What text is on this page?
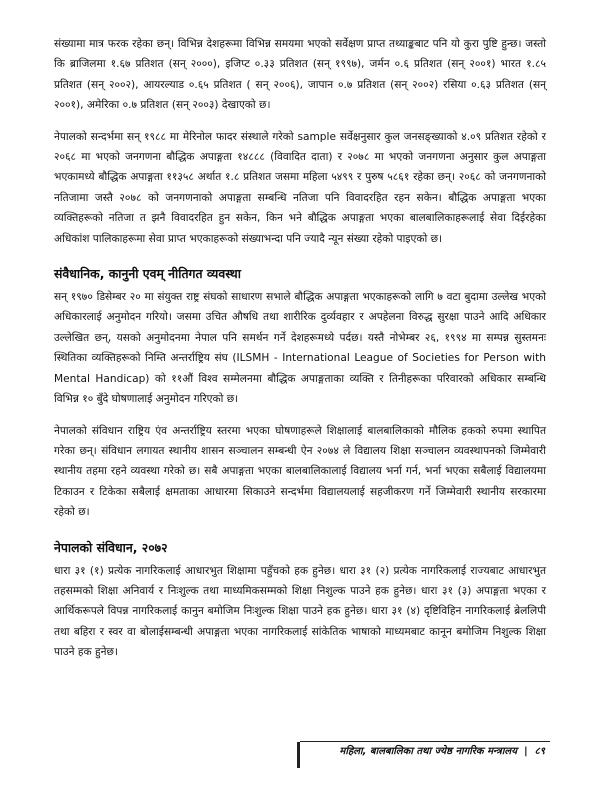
संख्यामा मात्र फरक रहेका छन्। विभिन्न देशहरूमा विभिन्न समयमा भएको सर्वेक्षण प्राप्त तथ्याङ्कबाट पनि यो कुरा पुष्टि हुन्छ। जस्तो कि ब्राजिलमा १.६७ प्रतिशत (सन् २०००), इजिप्ट ०.३३ प्रतिशत (सन् १९९७), जर्मन ०.६ प्रतिशत (सन् २००१) भारत १.८५ प्रतिशत (सन् २००२), आयरल्याड ०.६५ प्रतिशत ( सन् २००६), जापान ०.७ प्रतिशत (सन् २००२) रसिया ०.६३ प्रतिशत (सन् २००१), अमेरिका ०.७ प्रतिशत (सन् २००३) देखाएको छ।

नेपालको सन्दर्भमा सन् १९८८ मा मेरिनोल फादर संस्थाले गरेको sample सर्वेक्षनुसार कुल जनसङ्ख्याको ४.०९ प्रतिशत रहेको र २०६८ मा भएको जनगणना बौद्धिक अपाङ्गता १४८८८ (विवादित दाता) र २०७८ मा भएको जनगणना अनुसार कुल अपाङ्गता भएकामध्ये बौद्धिक अपाङ्गता ११३५८ अर्थात १.८ प्रतिशत जसमा महिला ५४९९ र पुरुष ५८६१ रहेका छन्। २०६८ को जनगणनाको नतिजामा जस्तै २०७८ को जनगणनाको अपाङ्गता सम्बन्धि नतिजा पनि विवादरहित रहन सकेन। बौद्धिक अपाङ्गता भएका व्यक्तिहरूको नतिजा त झनै विवादरहित हुन सकेन, किन भने बौद्धिक अपाङ्गता भएका बालबालिकाहरूलाई सेवा दिईरहेका अधिकांश पालिकाहरूमा सेवा प्राप्त भएकाहरूको संख्याभन्दा पनि ज्यादै न्यून संख्या रहेको पाइएको छ।

संवैधानिक, कानुनी एवम् नीतिगत व्यवस्था

सन् १९७० डिसेम्बर २० मा संयुक्त राष्ट्र संघको साधारण सभाले बौद्धिक अपाङ्गता भएकाहरूको लागि ७ वटा बुदामा उल्लेख भएको अधिकारलाई अनुमोदन गरियो। जसमा उचित औषधि तथा शारीरिक दुर्व्यवहार र अपहेलना विरुद्ध सुरक्षा पाउने आदि अधिकार उल्लेखित छन्, यसको अनुमोदनमा नेपाल पनि समर्थन गर्ने देशहरूमध्ये पर्दछ। यस्तै नोभेम्बर २६, १९९४ मा सम्पन्न सुस्तमनः स्थितिका व्यक्तिहरूको निम्ति अन्तर्राष्ट्रिय संघ (ILSMH - International League of Societies for Person with Mental Handicap) को ११औं विश्व सम्मेलनमा बौद्धिक अपाङ्गताका व्यक्ति र तिनीहरूका परिवारको अधिकार सम्बन्धि विभिन्न १० बुँदे घोषणालाई अनुमोदन गरिएको छ।

नेपालको संविधान राष्ट्रिय एंव अन्तर्राष्ट्रिय स्तरमा भएका घोषणाहरूले शिक्षालाई बालबालिकाको मौलिक हकको रुपमा स्थापित गरेका छन्। संविधान लगायत स्थानीय शासन सञ्चालन सम्बन्धी ऐन २०७४ ले विद्यालय शिक्षा सञ्चालन व्यवस्थापनको जिम्मेवारी स्थानीय तहमा रहने व्यवस्था गरेको छ। सबै अपाङ्गता भएका बालबालिकालाई विद्यालय भर्ना गर्न, भर्ना भएका सबैलाई विद्यालयमा टिकाउन र टिकेका सबैलाई क्षमताका आधारमा सिकाउने सन्दर्भमा विद्यालयलाई सहजीकरण गर्ने जिम्मेवारी स्थानीय सरकारमा रहेको छ।

नेपालको संविधान, २०७२

धारा ३१ (१) प्रत्येक नागरिकलाई आधारभुत शिक्षामा पहुँचको हक हुनेछ। धारा ३१ (२) प्रत्येक नागरिकलाई राज्यबाट आधारभुत तहसम्मको शिक्षा अनिवार्य र निःशुल्क तथा माध्यमिकसम्मको शिक्षा निशुल्क पाउने हक हुनेछ। धारा ३१ (३) अपाङ्गता भएका र आर्थिकरूपले विपन्न नागरिकलाई कानुन बमोजिम निःशुल्क शिक्षा पाउने हक हुनेछ। धारा ३१ (४) दृष्टिविहिन नागरिकलाई ब्रेललिपी तथा बहिरा र स्वर वा बोलाईसम्बन्धी अपाङ्गता भएका नागरिकलाई सांकेतिक भाषाको माध्यमबाट कानून बमोजिम निशुल्क शिक्षा पाउने हक हुनेछ।

महिला, बालबालिका तथा ज्येष्ठ नागरिक मन्त्रालय  |  ८९
